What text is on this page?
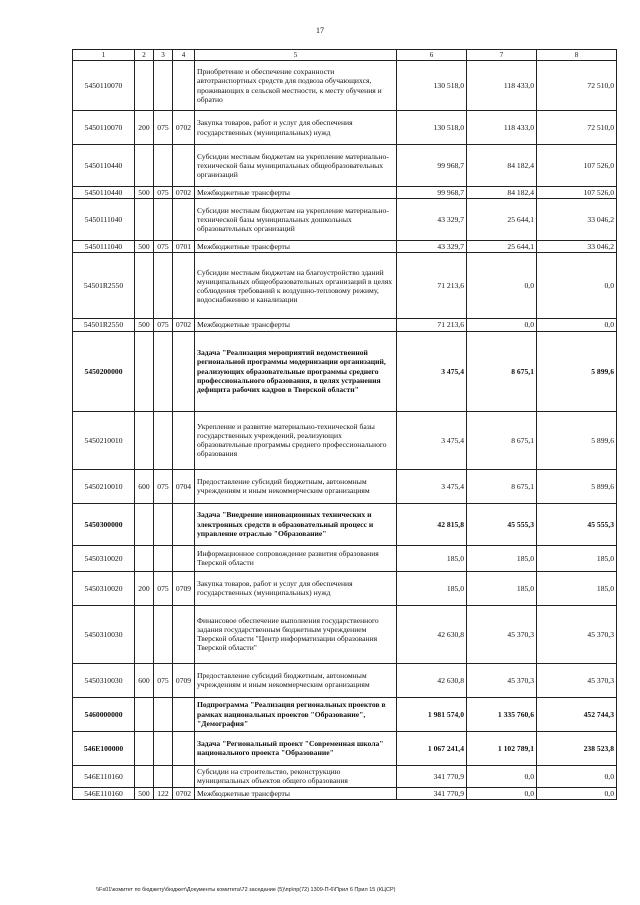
17
1	2	3	4	5	6	7	8
5450110070				Приобретение и обеспечение сохранности автотранспортных средств для подвоза обучающихся, проживающих в сельской местности, к месту обучения и обратно	130 518,0	118 433,0	72 510,0
5450110070	200	075	0702	Закупка товаров, работ и услуг для обеспечения государственных (муниципальных) нужд	130 518,0	118 433,0	72 510,0
5450110440				Субсидии местным бюджетам на укрепление материально-технической базы муниципальных общеобразовательных организаций	99 968,7	84 182,4	107 526,0
5450110440	500	075	0702	Межбюджетные трансферты	99 968,7	84 182,4	107 526,0
5450111040				Субсидии местным бюджетам на укрепление материально-технической базы муниципальных дошкольных образовательных организаций	43 329,7	25 644,1	33 046,2
5450111040	500	075	0701	Межбюджетные трансферты	43 329,7	25 644,1	33 046,2
54501R2550				Субсидии местным бюджетам на благоустройство зданий муниципальных общеобразовательных организаций в целях соблюдения требований к воздушно-тепловому режиму, водоснабжению и канализации	71 213,6	0,0	0,0
54501R2550	500	075	0702	Межбюджетные трансферты	71 213,6	0,0	0,0
5450200000				Задача "Реализация мероприятий ведомственной региональной программы модернизации организаций, реализующих образовательные программы среднего профессионального образования, в целях устранения дефицита рабочих кадров в Тверской области"	3 475,4	8 675,1	5 899,6
5450210010				Укрепление и развитие материально-технической базы государственных учреждений, реализующих образовательные программы среднего профессионального образования	3 475,4	8 675,1	5 899,6
5450210010	600	075	0704	Предоставление субсидий бюджетным, автономным учреждениям и иным некоммерческим организациям	3 475,4	8 675,1	5 899,6
5450300000				Задача "Внедрение инновационных технических и электронных средств в образовательный процесс и управление отраслью "Образование"	42 815,8	45 555,3	45 555,3
5450310020				Информационное сопровождение развития образования Тверской области	185,0	185,0	185,0
5450310020	200	075	0709	Закупка товаров, работ и услуг для обеспечения государственных (муниципальных) нужд	185,0	185,0	185,0
5450310030				Финансовое обеспечение выполнения государственного задания государственным бюджетным учреждением Тверской области "Центр информатизации образования Тверской области"	42 630,8	45 370,3	45 370,3
5450310030	600	075	0709	Предоставление субсидий бюджетным, автономным учреждениям и иным некоммерческим организациям	42 630,8	45 370,3	45 370,3
5460000000				Подпрограмма "Реализация региональных проектов в рамках национальных проектов "Образование", "Демография"	1 981 574,0	1 335 760,6	452 744,3
546E100000				Задача "Региональный проект "Современная школа" национального проекта "Образование"	1 067 241,4	1 102 789,1	238 523,8
546E110160				Субсидии на строительство, реконструкцию муниципальных объектов общего образования	341 770,9	0,0	0,0
546E110160	500	122	0702	Межбюджетные трансферты	341 770,9	0,0	0,0
\\Fs01\комитет по бюджету\бюджет\Документы комитета\72 заседание (5)\пр\пр(72) 1309-П-6\Прил 6 Прил 15 (КЦСР)
